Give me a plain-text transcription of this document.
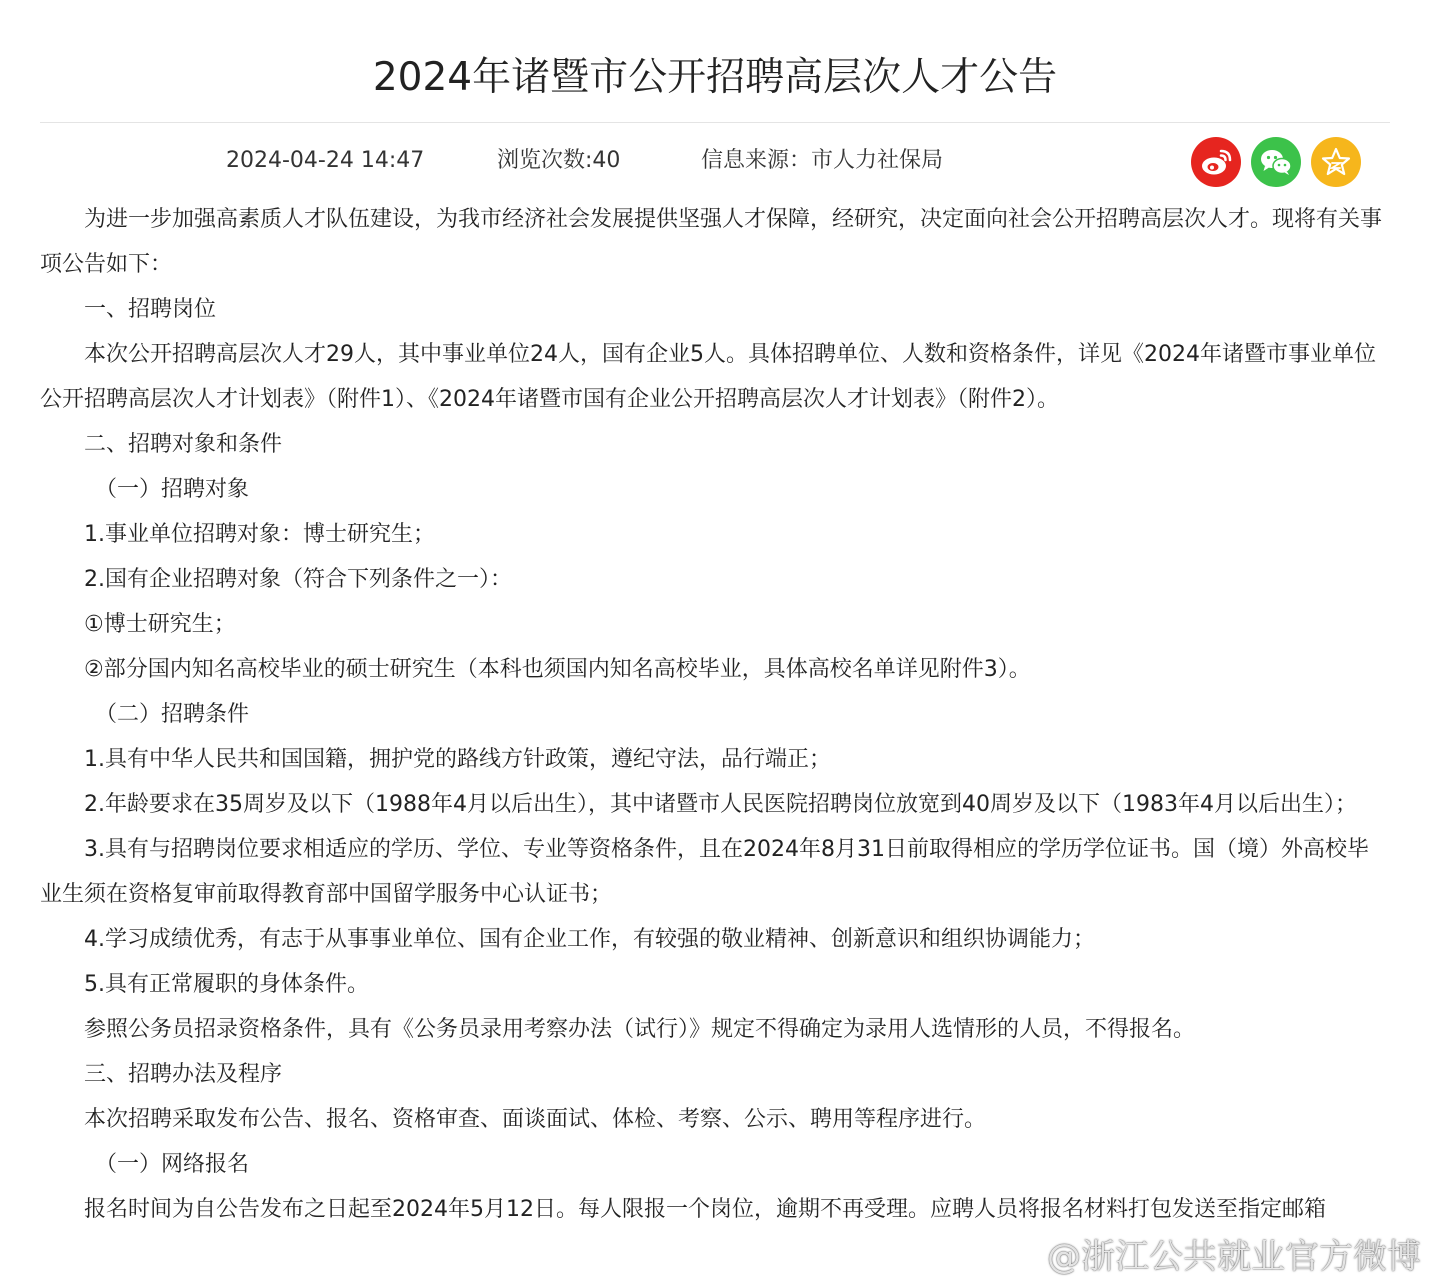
2024年诸暨市公开招聘高层次人才公告
2024-04-24 14:47	浏览次数:40	信息来源：市人力社保局

为进一步加强高素质人才队伍建设，为我市经济社会发展提供坚强人才保障，经研究，决定面向社会公开招聘高层次人才。现将有关事项公告如下：

一、招聘岗位

本次公开招聘高层次人才29人，其中事业单位24人，国有企业5人。具体招聘单位、人数和资格条件，详见《2024年诸暨市事业单位公开招聘高层次人才计划表》（附件1）、《2024年诸暨市国有企业公开招聘高层次人才计划表》（附件2）。

二、招聘对象和条件

（一）招聘对象

1.事业单位招聘对象：博士研究生；

2.国有企业招聘对象（符合下列条件之一）：

①博士研究生；

②部分国内知名高校毕业的硕士研究生（本科也须国内知名高校毕业，具体高校名单详见附件3）。

（二）招聘条件

1.具有中华人民共和国国籍，拥护党的路线方针政策，遵纪守法，品行端正；

2.年龄要求在35周岁及以下（1988年4月以后出生），其中诸暨市人民医院招聘岗位放宽到40周岁及以下（1983年4月以后出生）；

3.具有与招聘岗位要求相适应的学历、学位、专业等资格条件，且在2024年8月31日前取得相应的学历学位证书。国（境）外高校毕业生须在资格复审前取得教育部中国留学服务中心认证书；

4.学习成绩优秀，有志于从事事业单位、国有企业工作，有较强的敬业精神、创新意识和组织协调能力；

5.具有正常履职的身体条件。

参照公务员招录资格条件，具有《公务员录用考察办法（试行）》规定不得确定为录用人选情形的人员，不得报名。

三、招聘办法及程序

本次招聘采取发布公告、报名、资格审查、面谈面试、体检、考察、公示、聘用等程序进行。

（一）网络报名

报名时间为自公告发布之日起至2024年5月12日。每人限报一个岗位，逾期不再受理。应聘人员将报名材料打包发送至指定邮箱

@浙江公共就业官方微博
